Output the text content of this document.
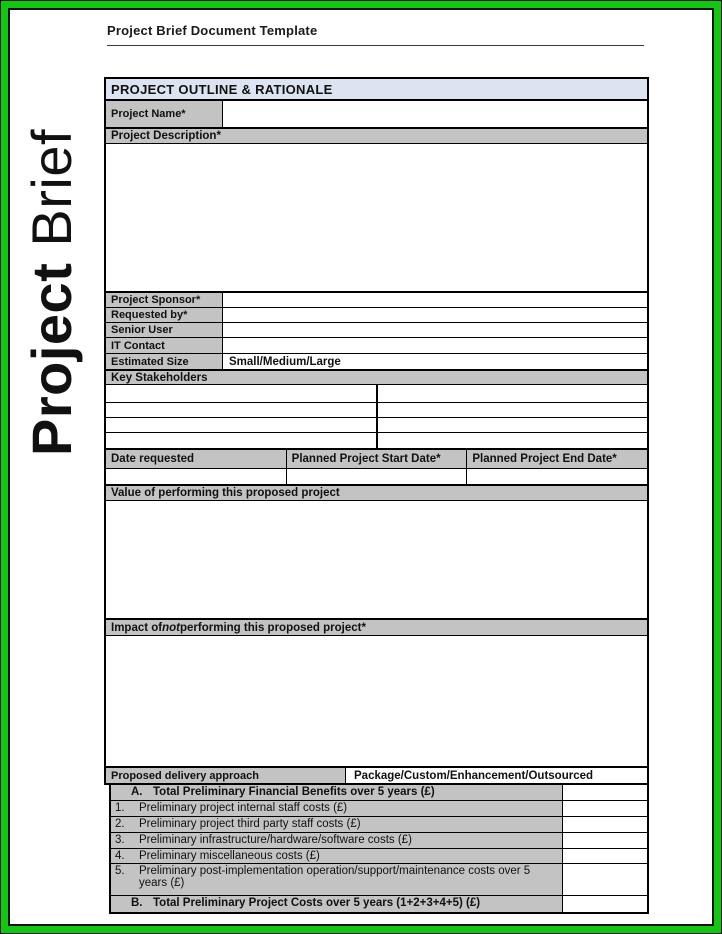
Project Brief Document Template
Project Brief
PROJECT OUTLINE & RATIONALE
Project Name*
Project Description*
Project Sponsor*
Requested by*
Senior User
IT Contact
Estimated Size	Small/Medium/Large
Key Stakeholders
Date requested	Planned Project Start Date*	Planned Project End Date*
Value of performing this proposed project
Impact of not performing this proposed project*
Proposed delivery approach	Package/Custom/Enhancement/Outsourced
A. Total Preliminary Financial Benefits over 5 years (£)
1.	Preliminary project internal staff costs (£)
2.	Preliminary project third party staff costs (£)
3.	Preliminary infrastructure/hardware/software costs (£)
4.	Preliminary miscellaneous costs (£)
5.	Preliminary post-implementation operation/support/maintenance costs over 5 years (£)
B. Total Preliminary Project Costs over 5 years (1+2+3+4+5) (£)
